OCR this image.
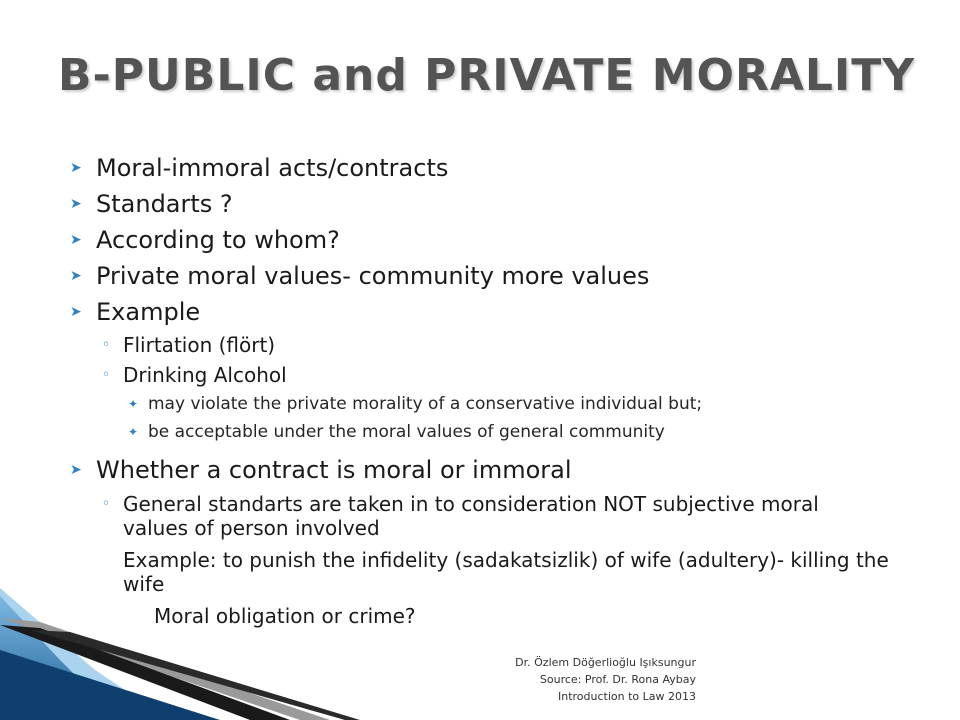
B-PUBLIC and PRIVATE MORALITY
➤ Moral-immoral acts/contracts
➤ Standarts ?
➤ According to whom?
➤ Private moral values- community more values
➤ Example
◦ Flirtation (flört)
◦ Drinking Alcohol
✦ may violate the private morality of a conservative individual but;
✦ be acceptable under the moral values of general community
➤ Whether a contract is moral or immoral
◦ General standarts are taken in to consideration NOT subjective moral values of person involved
Example: to punish the infidelity (sadakatsizlik) of wife (adultery)- killing the wife
Moral obligation or crime?
Dr. Özlem Döğerlioğlu Işıksungur
Source: Prof. Dr. Rona Aybay
Introduction to Law 2013
